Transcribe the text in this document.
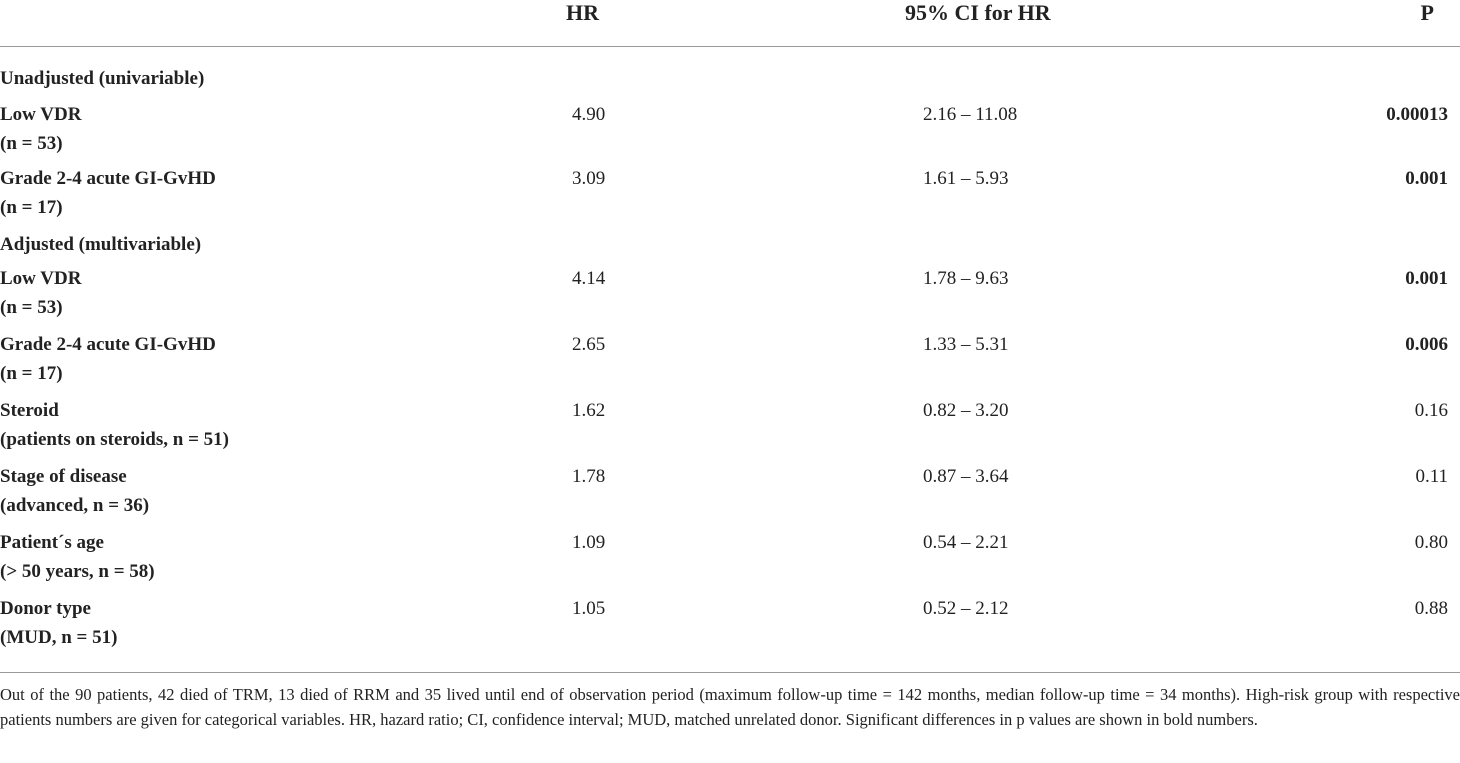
	HR	95% CI for HR	P
Unadjusted (univariable)			

Low VDR
(n = 53)	4.90	2.16 – 11.08	0.00013

Grade 2-4 acute GI-GvHD
(n = 17)	3.09	1.61 – 5.93	0.001
Adjusted (multivariable)			

Low VDR
(n = 53)	4.14	1.78 – 9.63	0.001

Grade 2-4 acute GI-GvHD
(n = 17)	2.65	1.33 – 5.31	0.006

Steroid
(patients on steroids, n = 51)	1.62	0.82 – 3.20	0.16

Stage of disease
(advanced, n = 36)	1.78	0.87 – 3.64	0.11

Patient´s age
(> 50 years, n = 58)	1.09	0.54 – 2.21	0.80

Donor type
(MUD, n = 51)	1.05	0.52 – 2.12	0.88
Out of the 90 patients, 42 died of TRM, 13 died of RRM and 35 lived until end of observation period (maximum follow-up time = 142 months, median follow-up time = 34 months). High-risk group with respective patients numbers are given for categorical variables. HR, hazard ratio; CI, confidence interval; MUD, matched unrelated donor. Significant differences in p values are shown in bold numbers.
